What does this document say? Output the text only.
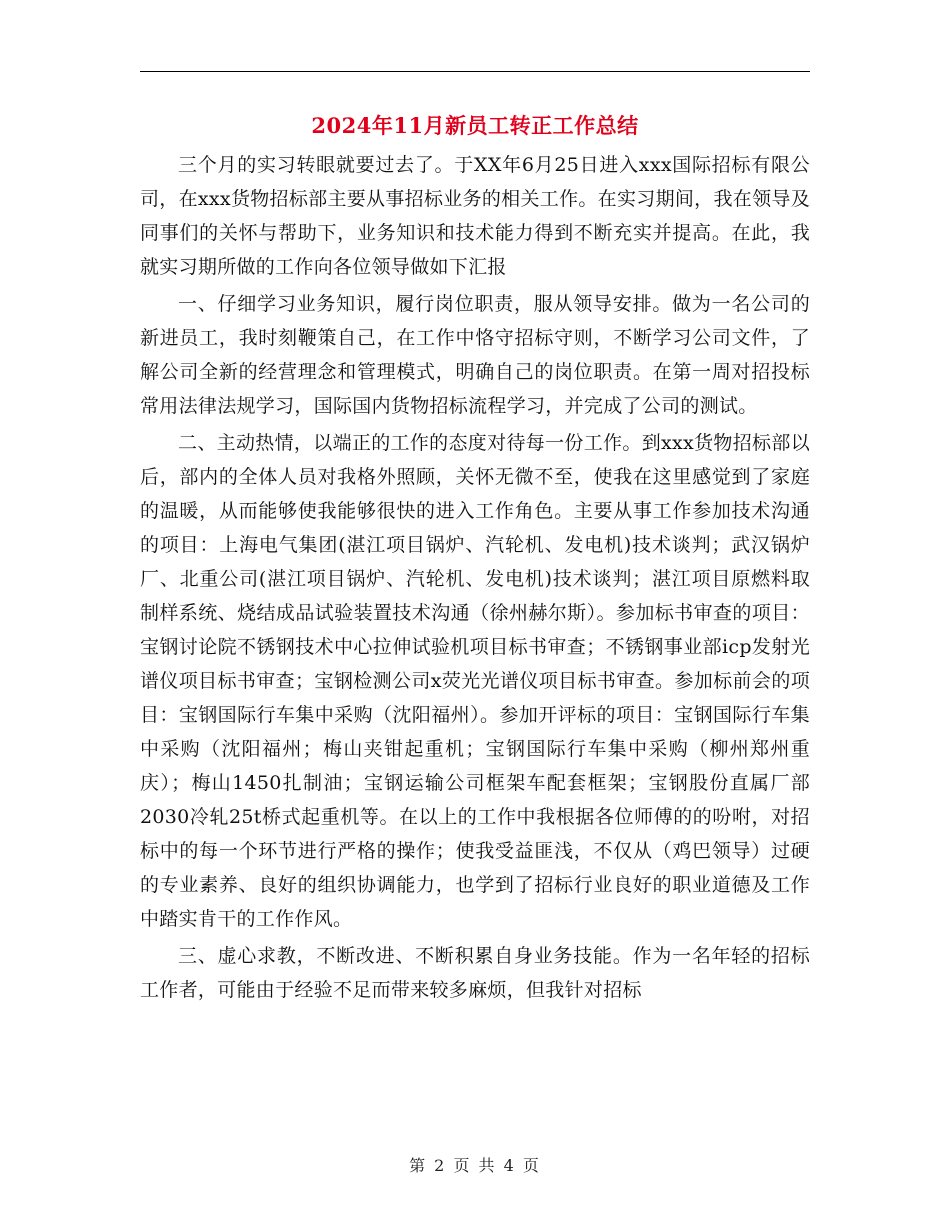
2024年11月新员工转正工作总结

三个月的实习转眼就要过去了。于XX年6月25日进入xxx国际招标有限公司，在xxx货物招标部主要从事招标业务的相关工作。在实习期间，我在领导及同事们的关怀与帮助下，业务知识和技术能力得到不断充实并提高。在此，我就实习期所做的工作向各位领导做如下汇报

一、仔细学习业务知识，履行岗位职责，服从领导安排。做为一名公司的新进员工，我时刻鞭策自己，在工作中恪守招标守则，不断学习公司文件，了解公司全新的经营理念和管理模式，明确自己的岗位职责。在第一周对招投标常用法律法规学习，国际国内货物招标流程学习，并完成了公司的测试。

二、主动热情，以端正的工作的态度对待每一份工作。到xxx货物招标部以后，部内的全体人员对我格外照顾，关怀无微不至，使我在这里感觉到了家庭的温暖，从而能够使我能够很快的进入工作角色。主要从事工作参加技术沟通的项目：上海电气集团(湛江项目锅炉、汽轮机、发电机)技术谈判；武汉锅炉厂、北重公司(湛江项目锅炉、汽轮机、发电机)技术谈判；湛江项目原燃料取制样系统、烧结成品试验装置技术沟通（徐州赫尔斯）。参加标书审查的项目：宝钢讨论院不锈钢技术中心拉伸试验机项目标书审查；不锈钢事业部icp发射光谱仪项目标书审查；宝钢检测公司x荧光光谱仪项目标书审查。参加标前会的项目：宝钢国际行车集中采购（沈阳福州）。参加开评标的项目：宝钢国际行车集中采购（沈阳福州；梅山夹钳起重机；宝钢国际行车集中采购（柳州郑州重庆）；梅山1450扎制油；宝钢运输公司框架车配套框架；宝钢股份直属厂部2030冷轧25t桥式起重机等。在以上的工作中我根据各位师傅的的吩咐，对招标中的每一个环节进行严格的操作；使我受益匪浅，不仅从（鸡巴领导）过硬的专业素养、良好的组织协调能力，也学到了招标行业良好的职业道德及工作中踏实肯干的工作作风。

三、虚心求教，不断改进、不断积累自身业务技能。作为一名年轻的招标工作者，可能由于经验不足而带来较多麻烦，但我针对招标

第 2 页 共 4 页
